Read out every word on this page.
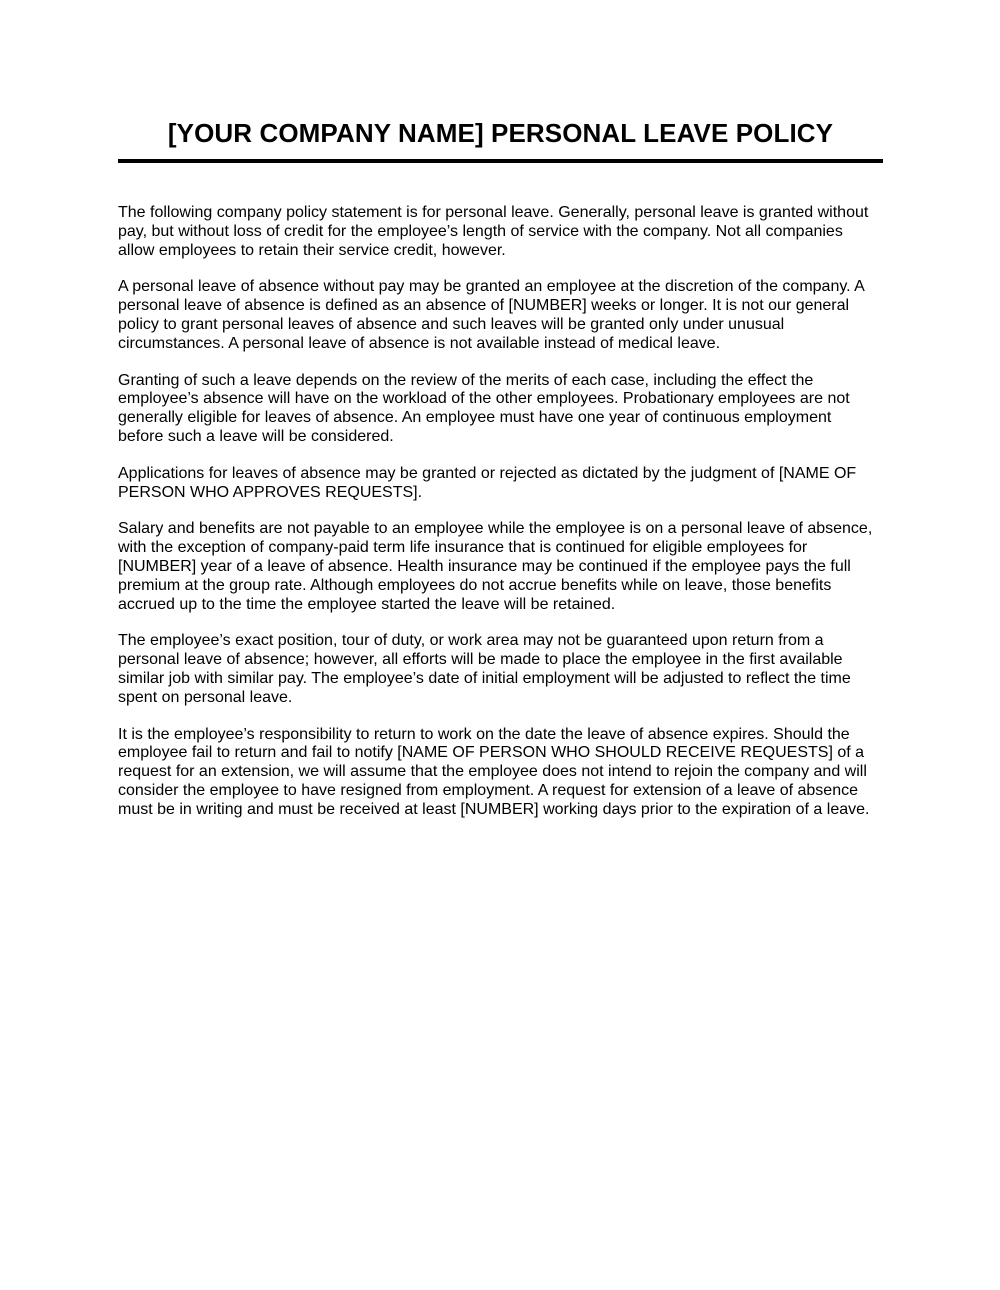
[YOUR COMPANY NAME] PERSONAL LEAVE POLICY

The following company policy statement is for personal leave. Generally, personal leave is granted without pay, but without loss of credit for the employee’s length of service with the company. Not all companies allow employees to retain their service credit, however.

A personal leave of absence without pay may be granted an employee at the discretion of the company. A personal leave of absence is defined as an absence of [NUMBER] weeks or longer. It is not our general policy to grant personal leaves of absence and such leaves will be granted only under unusual circumstances. A personal leave of absence is not available instead of medical leave.

Granting of such a leave depends on the review of the merits of each case, including the effect the employee’s absence will have on the workload of the other employees. Probationary employees are not generally eligible for leaves of absence. An employee must have one year of continuous employment before such a leave will be considered.

Applications for leaves of absence may be granted or rejected as dictated by the judgment of [NAME OF PERSON WHO APPROVES REQUESTS].

Salary and benefits are not payable to an employee while the employee is on a personal leave of absence, with the exception of company-paid term life insurance that is continued for eligible employees for [NUMBER] year of a leave of absence. Health insurance may be continued if the employee pays the full premium at the group rate. Although employees do not accrue benefits while on leave, those benefits accrued up to the time the employee started the leave will be retained.

The employee’s exact position, tour of duty, or work area may not be guaranteed upon return from a personal leave of absence; however, all efforts will be made to place the employee in the first available similar job with similar pay. The employee’s date of initial employment will be adjusted to reflect the time spent on personal leave.

It is the employee’s responsibility to return to work on the date the leave of absence expires. Should the employee fail to return and fail to notify [NAME OF PERSON WHO SHOULD RECEIVE REQUESTS] of a request for an extension, we will assume that the employee does not intend to rejoin the company and will consider the employee to have resigned from employment. A request for extension of a leave of absence must be in writing and must be received at least [NUMBER] working days prior to the expiration of a leave.
